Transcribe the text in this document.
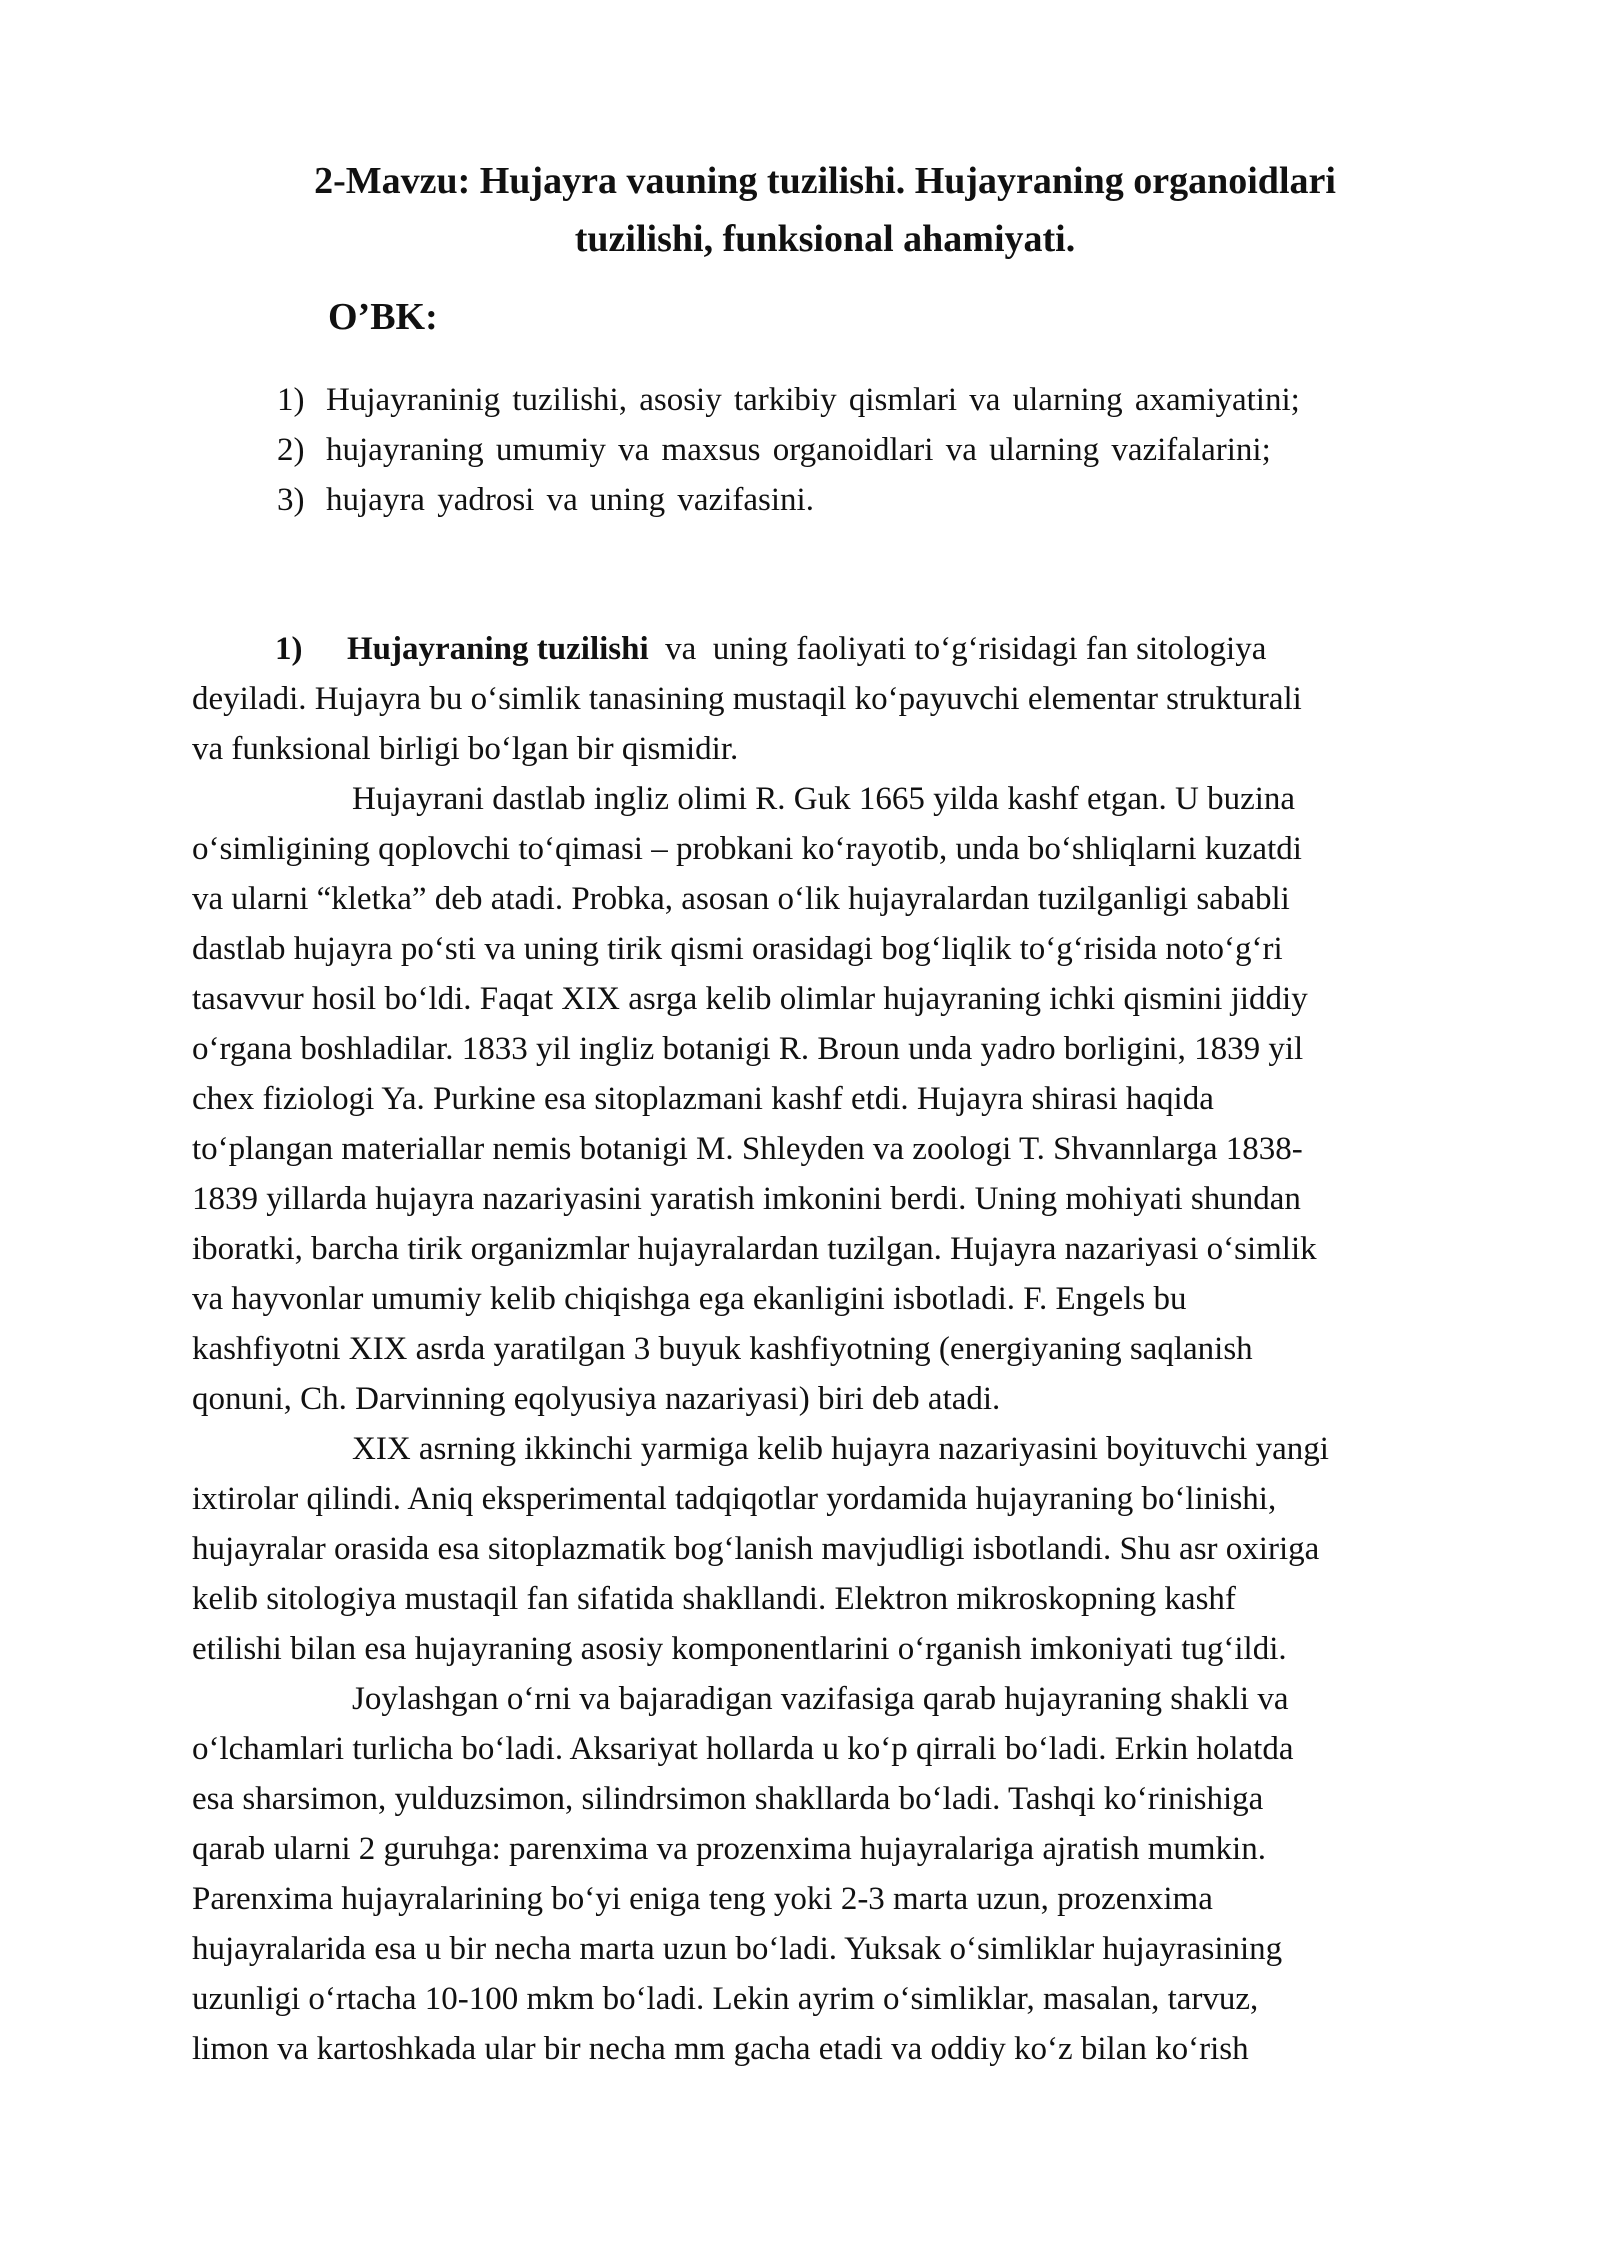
2-Mavzu: Hujayra vauning tuzilishi. Hujayraning organoidlari
tuzilishi, funksional ahamiyati.
O’BK:
1) Hujayraninig tuzilishi, asosiy tarkibiy qismlari va ularning axamiyatini;
2) hujayraning umumiy va maxsus organoidlari va ularning vazifalarini;
3) hujayra yadrosi va uning vazifasini.
1) Hujayraning tuzilishi  va  uning faoliyati to‘g‘risidagi fan sitologiya
deyiladi. Hujayra bu o‘simlik tanasining mustaqil ko‘payuvchi elementar strukturali
va funksional birligi bo‘lgan bir qismidir.
Hujayrani dastlab ingliz olimi R. Guk 1665 yilda kashf etgan. U buzina
o‘simligining qoplovchi to‘qimasi – probkani ko‘rayotib, unda bo‘shliqlarni kuzatdi
va ularni “kletka” deb atadi. Probka, asosan o‘lik hujayralardan tuzilganligi sababli
dastlab hujayra po‘sti va uning tirik qismi orasidagi bog‘liqlik to‘g‘risida noto‘g‘ri
tasavvur hosil bo‘ldi. Faqat XIX asrga kelib olimlar hujayraning ichki qismini jiddiy
o‘rgana boshladilar. 1833 yil ingliz botanigi R. Broun unda yadro borligini, 1839 yil
chex fiziologi Ya. Purkine esa sitoplazmani kashf etdi. Hujayra shirasi haqida
to‘plangan materiallar nemis botanigi M. Shleyden va zoologi T. Shvannlarga 1838-
1839 yillarda hujayra nazariyasini yaratish imkonini berdi. Uning mohiyati shundan
iboratki, barcha tirik organizmlar hujayralardan tuzilgan. Hujayra nazariyasi o‘simlik
va hayvonlar umumiy kelib chiqishga ega ekanligini isbotladi. F. Engels bu
kashfiyotni XIX asrda yaratilgan 3 buyuk kashfiyotning (energiyaning saqlanish
qonuni, Ch. Darvinning eqolyusiya nazariyasi) biri deb atadi.
XIX asrning ikkinchi yarmiga kelib hujayra nazariyasini boyituvchi yangi
ixtirolar qilindi. Aniq eksperimental tadqiqotlar yordamida hujayraning bo‘linishi,
hujayralar orasida esa sitoplazmatik bog‘lanish mavjudligi isbotlandi. Shu asr oxiriga
kelib sitologiya mustaqil fan sifatida shakllandi. Elektron mikroskopning kashf
etilishi bilan esa hujayraning asosiy komponentlarini o‘rganish imkoniyati tug‘ildi.
Joylashgan o‘rni va bajaradigan vazifasiga qarab hujayraning shakli va
o‘lchamlari turlicha bo‘ladi. Aksariyat hollarda u ko‘p qirrali bo‘ladi. Erkin holatda
esa sharsimon, yulduzsimon, silindrsimon shakllarda bo‘ladi. Tashqi ko‘rinishiga
qarab ularni 2 guruhga: parenxima va prozenxima hujayralariga ajratish mumkin.
Parenxima hujayralarining bo‘yi eniga teng yoki 2-3 marta uzun, prozenxima
hujayralarida esa u bir necha marta uzun bo‘ladi. Yuksak o‘simliklar hujayrasining
uzunligi o‘rtacha 10-100 mkm bo‘ladi. Lekin ayrim o‘simliklar, masalan, tarvuz,
limon va kartoshkada ular bir necha mm gacha etadi va oddiy ko‘z bilan ko‘rish
